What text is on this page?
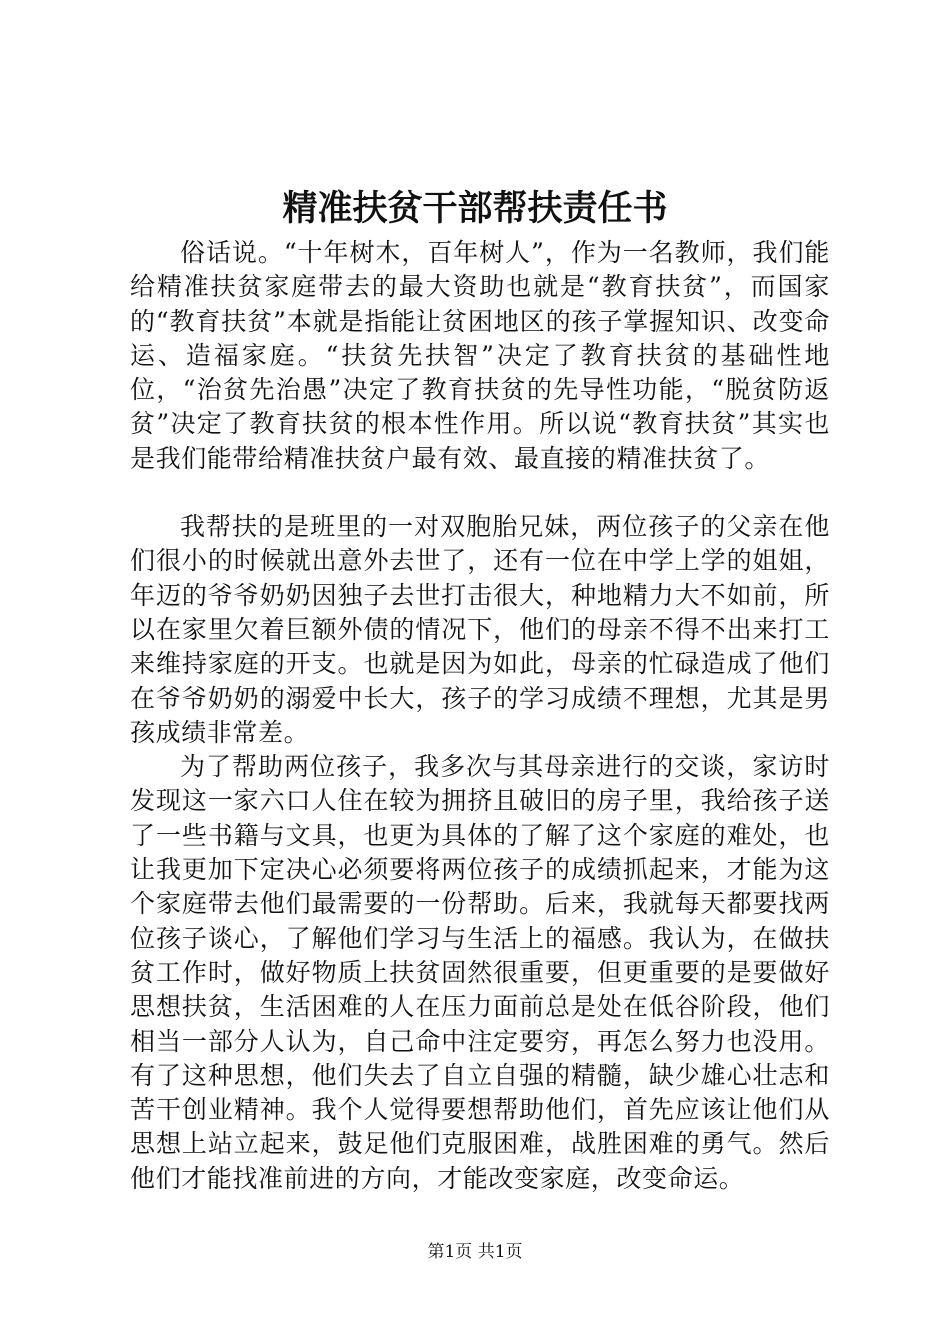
精准扶贫干部帮扶责任书

俗话说。“十年树木，百年树人”，作为一名教师，我们能给精准扶贫家庭带去的最大资助也就是“教育扶贫”，而国家的“教育扶贫”本就是指能让贫困地区的孩子掌握知识、改变命运、造福家庭。“扶贫先扶智”决定了教育扶贫的基础性地位，“治贫先治愚”决定了教育扶贫的先导性功能，“脱贫防返贫”决定了教育扶贫的根本性作用。所以说“教育扶贫”其实也是我们能带给精准扶贫户最有效、最直接的精准扶贫了。

我帮扶的是班里的一对双胞胎兄妹，两位孩子的父亲在他们很小的时候就出意外去世了，还有一位在中学上学的姐姐，年迈的爷爷奶奶因独子去世打击很大，种地精力大不如前，所以在家里欠着巨额外债的情况下，他们的母亲不得不出来打工来维持家庭的开支。也就是因为如此，母亲的忙碌造成了他们在爷爷奶奶的溺爱中长大，孩子的学习成绩不理想，尤其是男孩成绩非常差。

为了帮助两位孩子，我多次与其母亲进行的交谈，家访时发现这一家六口人住在较为拥挤且破旧的房子里，我给孩子送了一些书籍与文具，也更为具体的了解了这个家庭的难处，也让我更加下定决心必须要将两位孩子的成绩抓起来，才能为这个家庭带去他们最需要的一份帮助。后来，我就每天都要找两位孩子谈心，了解他们学习与生活上的福感。我认为，在做扶贫工作时，做好物质上扶贫固然很重要，但更重要的是要做好思想扶贫，生活困难的人在压力面前总是处在低谷阶段，他们相当一部分人认为，自己命中注定要穷，再怎么努力也没用。有了这种思想，他们失去了自立自强的精髓，缺少雄心壮志和苦干创业精神。我个人觉得要想帮助他们，首先应该让他们从思想上站立起来，鼓足他们克服困难，战胜困难的勇气。然后他们才能找准前进的方向，才能改变家庭，改变命运。

第1页 共1页
